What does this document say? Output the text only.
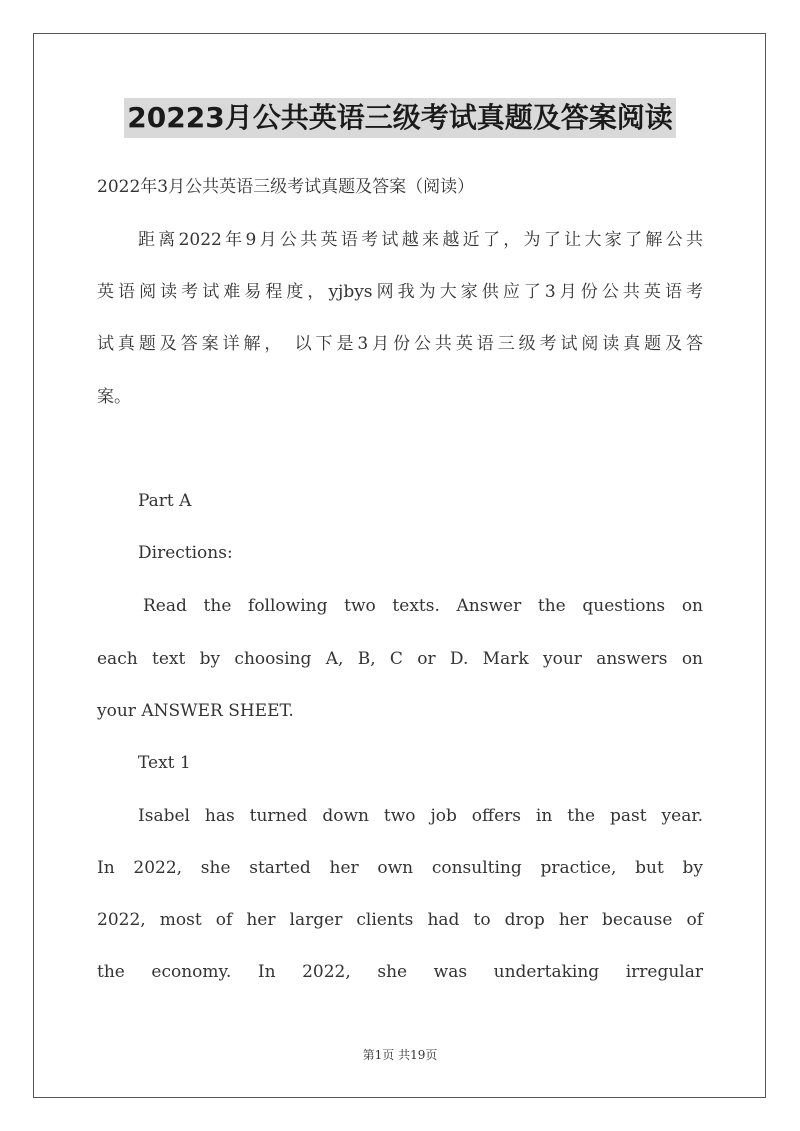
20223月公共英语三级考试真题及答案阅读
2022年3月公共英语三级考试真题及答案（阅读）
距离2022年9月公共英语考试越来越近了，为了让大家了解公共
英语阅读考试难易程度，yjbys网我为大家供应了3月份公共英语考
试真题及答案详解， 以下是3月份公共英语三级考试阅读真题及答
案。
Part A
Directions:
Read the following two texts. Answer the questions on
each text by choosing A, B, C or D. Mark your answers on
your ANSWER SHEET.
Text 1
Isabel has turned down two job offers in the past year.
In 2022, she started her own consulting practice, but by
2022, most of her larger clients had to drop her because of
the economy. In 2022, she was undertaking irregular
第1页 共19页
